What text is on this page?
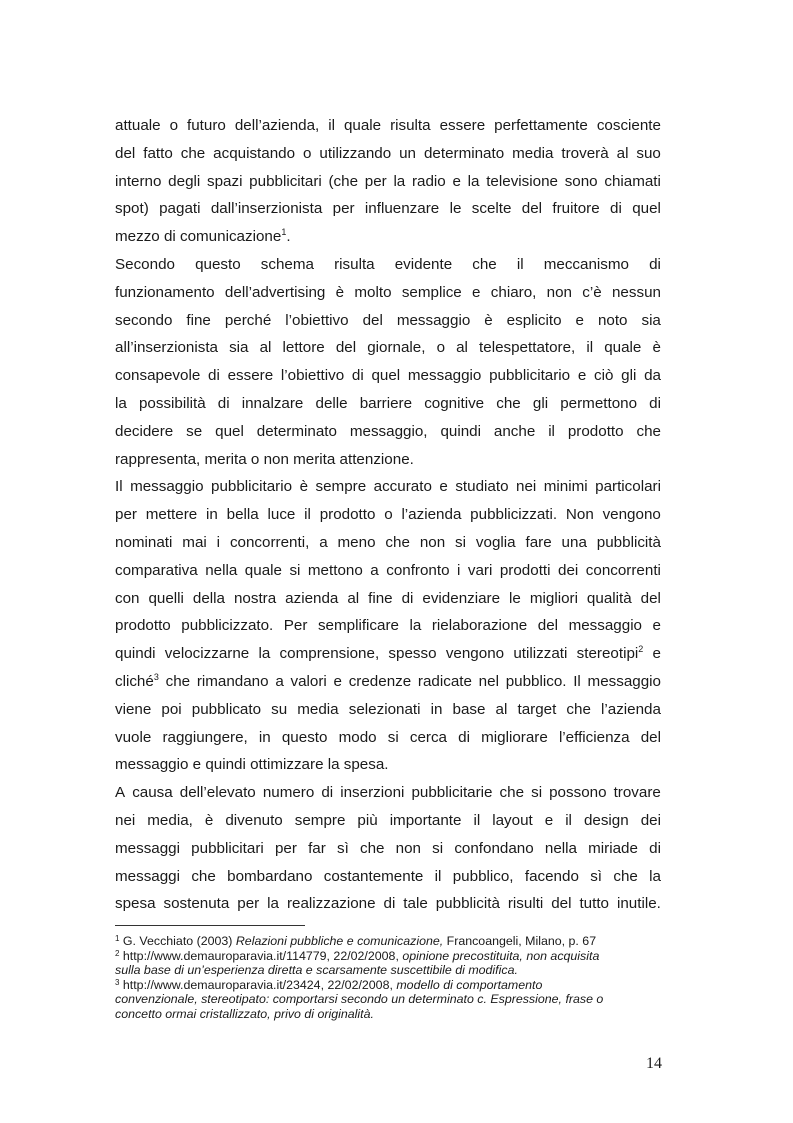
attuale o futuro dell’azienda, il quale risulta essere perfettamente cosciente
del fatto che acquistando o utilizzando un determinato media troverà al suo
interno degli spazi pubblicitari (che per la radio e la televisione sono chiamati
spot) pagati dall’inserzionista per influenzare le scelte del fruitore di quel
mezzo di comunicazione$^1$.
Secondo questo schema risulta evidente che il meccanismo di
funzionamento dell’advertising è molto semplice e chiaro, non c’è nessun
secondo fine perché l’obiettivo del messaggio è esplicito e noto sia
all’inserzionista sia al lettore del giornale, o al telespettatore, il quale è
consapevole di essere l’obiettivo di quel messaggio pubblicitario e ciò gli da
la possibilità di innalzare delle barriere cognitive che gli permettono di
decidere se quel determinato messaggio, quindi anche il prodotto che
rappresenta, merita o non merita attenzione.
Il messaggio pubblicitario è sempre accurato e studiato nei minimi particolari
per mettere in bella luce il prodotto o l’azienda pubblicizzati. Non vengono
nominati mai i concorrenti, a meno che non si voglia fare una pubblicità
comparativa nella quale si mettono a confronto i vari prodotti dei concorrenti
con quelli della nostra azienda al fine di evidenziare le migliori qualità del
prodotto pubblicizzato. Per semplificare la rielaborazione del messaggio e
quindi velocizzarne la comprensione, spesso vengono utilizzati stereotipi$^2$ e
cliché$^3$ che rimandano a valori e credenze radicate nel pubblico. Il messaggio
viene poi pubblicato su media selezionati in base al target che l’azienda
vuole raggiungere, in questo modo si cerca di migliorare l’efficienza del
messaggio e quindi ottimizzare la spesa.
A causa dell’elevato numero di inserzioni pubblicitarie che si possono trovare
nei media, è divenuto sempre più importante il layout e il design dei
messaggi pubblicitari per far sì che non si confondano nella miriade di
messaggi che bombardano costantemente il pubblico, facendo sì che la
spesa sostenuta per la realizzazione di tale pubblicità risulti del tutto inutile.
$^1$ G. Vecchiato (2003) Relazioni pubbliche e comunicazione, Francoangeli, Milano, p. 67
$^2$ http://www.demauroparavia.it/114779, 22/02/2008, opinione precostituita, non acquisita
sulla base di un’esperienza diretta e scarsamente suscettibile di modifica.
$^3$ http://www.demauroparavia.it/23424, 22/02/2008, modello di comportamento
convenzionale, stereotipato: comportarsi secondo un determinato c. Espressione, frase o
concetto ormai cristallizzato, privo di originalità.
14
